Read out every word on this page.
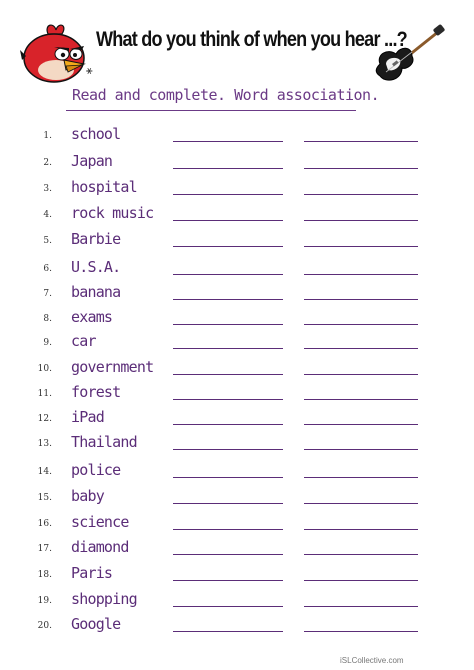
What do you think of when you hear ...?
⚹
Read and complete. Word association.
1. school
2. Japan
3. hospital
4. rock music
5. Barbie
6. U.S.A.
7. banana
8. exams
9. car
10. government
11. forest
12. iPad
13. Thailand
14. police
15. baby
16. science
17. diamond
18. Paris
19. shopping
20. Google
iSLCollective.com
